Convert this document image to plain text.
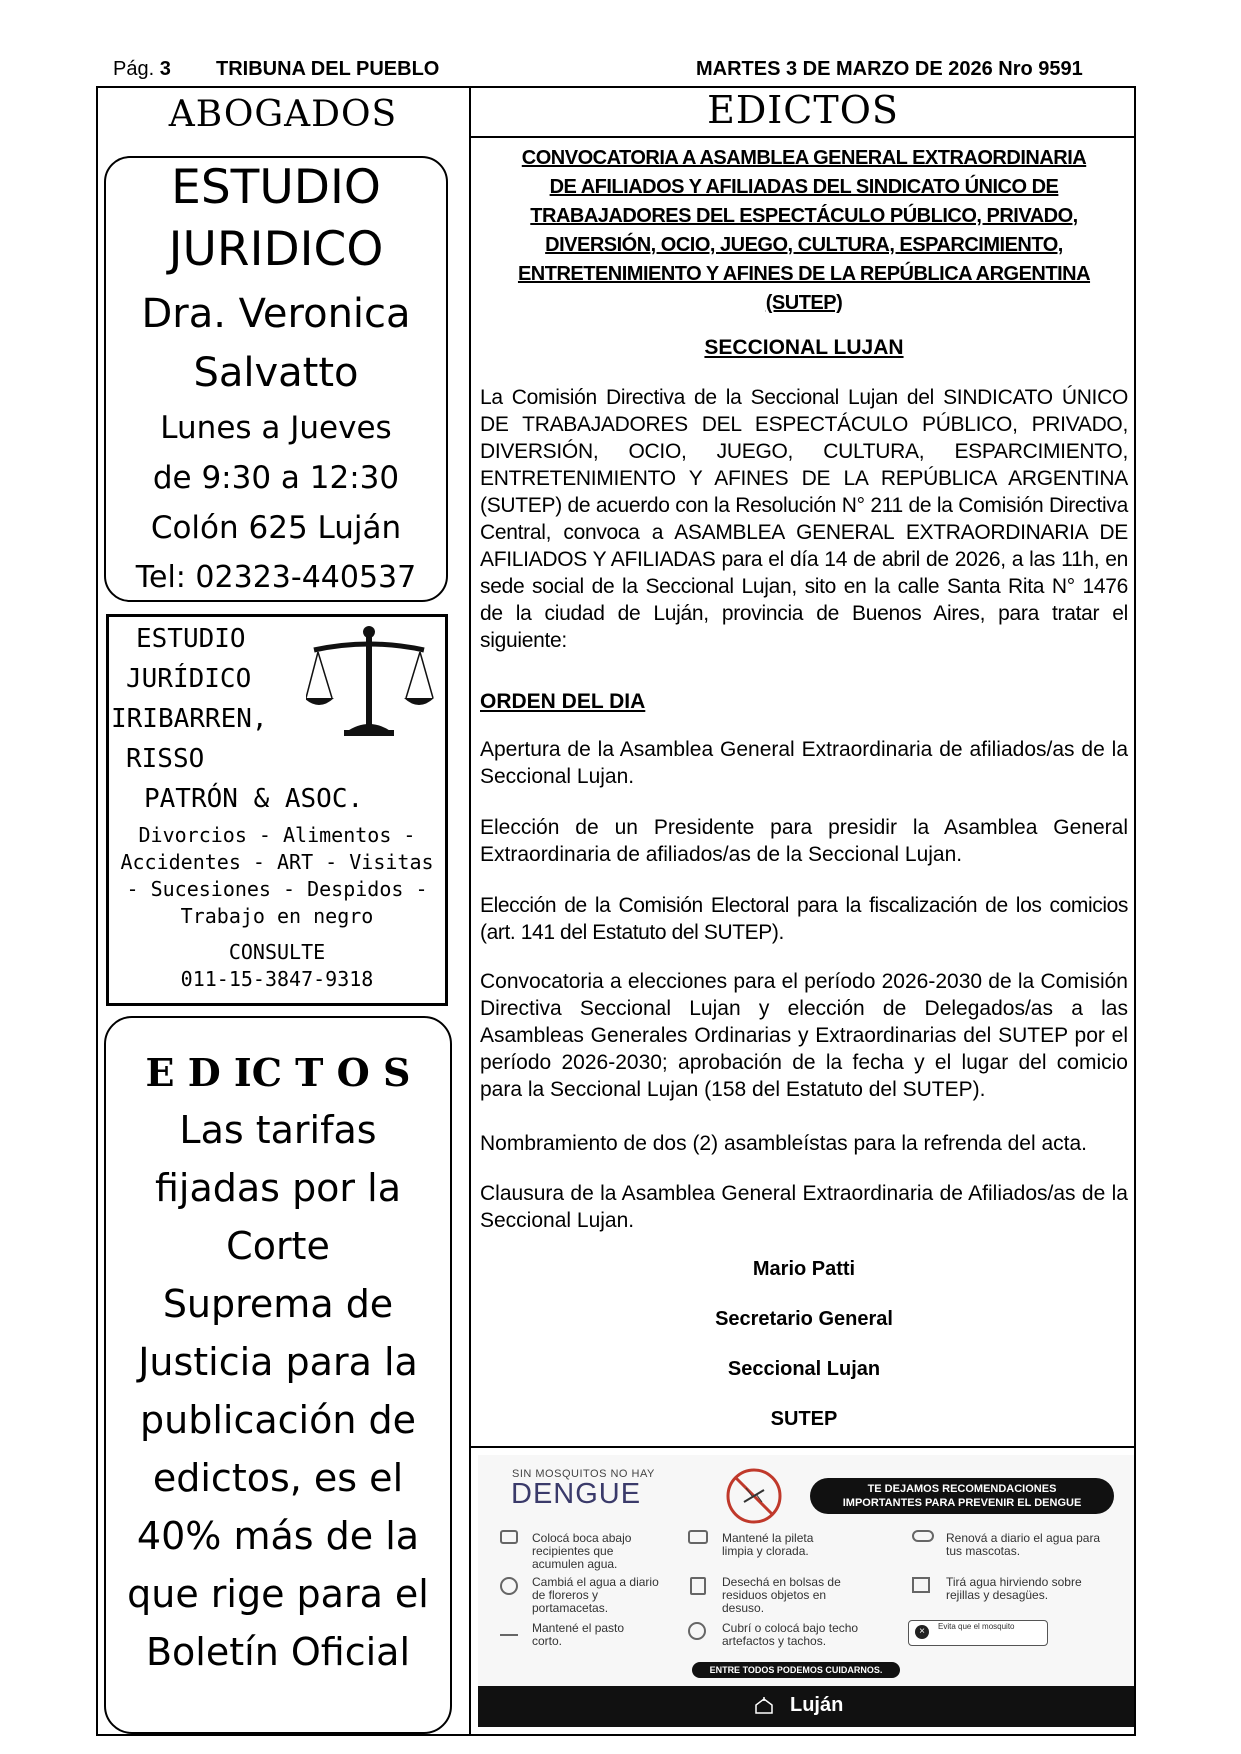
Pág. 3 TRIBUNA DEL PUEBLO	MARTES 3 DE MARZO DE 2026 Nro 9591
ABOGADOS
ESTUDIO
JURIDICO
Dra. Veronica
Salvatto
Lunes a Jueves
de 9:30 a 12:30
Colón 625 Luján
Tel: 02323-440537
ESTUDIO
JURÍDICO
IRIBARREN,
RISSO
PATRÓN & ASOC.
Divorcios - Alimentos -
Accidentes - ART - Visitas
- Sucesiones - Despidos -
Trabajo en negro
CONSULTE
011-15-3847-9318
E D IC T O S
Las tarifas
fijadas por la
Corte
Suprema de
Justicia para la
publicación de
edictos, es el
40% más de la
que rige para el
Boletín Oficial
EDICTOS
CONVOCATORIA A ASAMBLEA GENERAL EXTRAORDINARIA
DE AFILIADOS Y AFILIADAS DEL SINDICATO ÚNICO DE
TRABAJADORES DEL ESPECTÁCULO PÚBLICO, PRIVADO,
DIVERSIÓN, OCIO, JUEGO, CULTURA, ESPARCIMIENTO,
ENTRETENIMIENTO Y AFINES DE LA REPÚBLICA ARGENTINA
(SUTEP)
SECCIONAL LUJAN
La Comisión Directiva de la Seccional Lujan del SINDICATO ÚNICO DE TRABAJADORES DEL ESPECTÁCULO PÚBLICO, PRIVADO, DIVERSIÓN, OCIO, JUEGO, CULTURA, ESPARCIMIENTO, ENTRETENIMIENTO Y AFINES DE LA REPÚBLICA ARGENTINA (SUTEP) de acuerdo con la Resolución N° 211 de la Comisión Directiva Central, convoca a ASAMBLEA GENERAL EXTRAORDINARIA DE AFILIADOS Y AFILIADAS para el día 14 de abril de 2026, a las 11h, en sede social de la Seccional Lujan, sito en la calle Santa Rita N° 1476 de la ciudad de Luján, provincia de Buenos Aires, para tratar el siguiente:
ORDEN DEL DIA
Apertura de la Asamblea General Extraordinaria de afiliados/as de la Seccional Lujan.
Elección de un Presidente para presidir la Asamblea General Extraordinaria de afiliados/as de la Seccional Lujan.
Elección de la Comisión Electoral para la fiscalización de los comicios (art. 141 del Estatuto del SUTEP).
Convocatoria a elecciones para el período 2026-2030 de la Comisión Directiva Seccional Lujan y elección de Delegados/as a las Asambleas Generales Ordinarias y Extraordinarias del SUTEP por el período 2026-2030; aprobación de la fecha y el lugar del comicio para la Seccional Lujan (158 del Estatuto del SUTEP).
Nombramiento de dos (2) asambleístas para la refrenda del acta.
Clausura de la Asamblea General Extraordinaria de Afiliados/as de la Seccional Lujan.
Mario Patti
Secretario General
Seccional Lujan
SUTEP
SIN MOSQUITOS NO HAY
DENGUE	TE DEJAMOS RECOMENDACIONES
IMPORTANTES PARA PREVENIR EL DENGUE
Colocá boca abajo recipientes que acumulen agua.
Mantené la pileta limpia y clorada.
Renová a diario el agua para tus mascotas.
Cambiá el agua a diario de floreros y portamacetas.
Desechá en bolsas de residuos objetos en desuso.
Tirá agua hirviendo sobre rejillas y desagües.
Mantené el pasto corto.
Cubrí o colocá bajo techo artefactos y tachos.
×	Evita que el mosquito
ENTRE TODOS PODEMOS CUIDARNOS.
Luján
